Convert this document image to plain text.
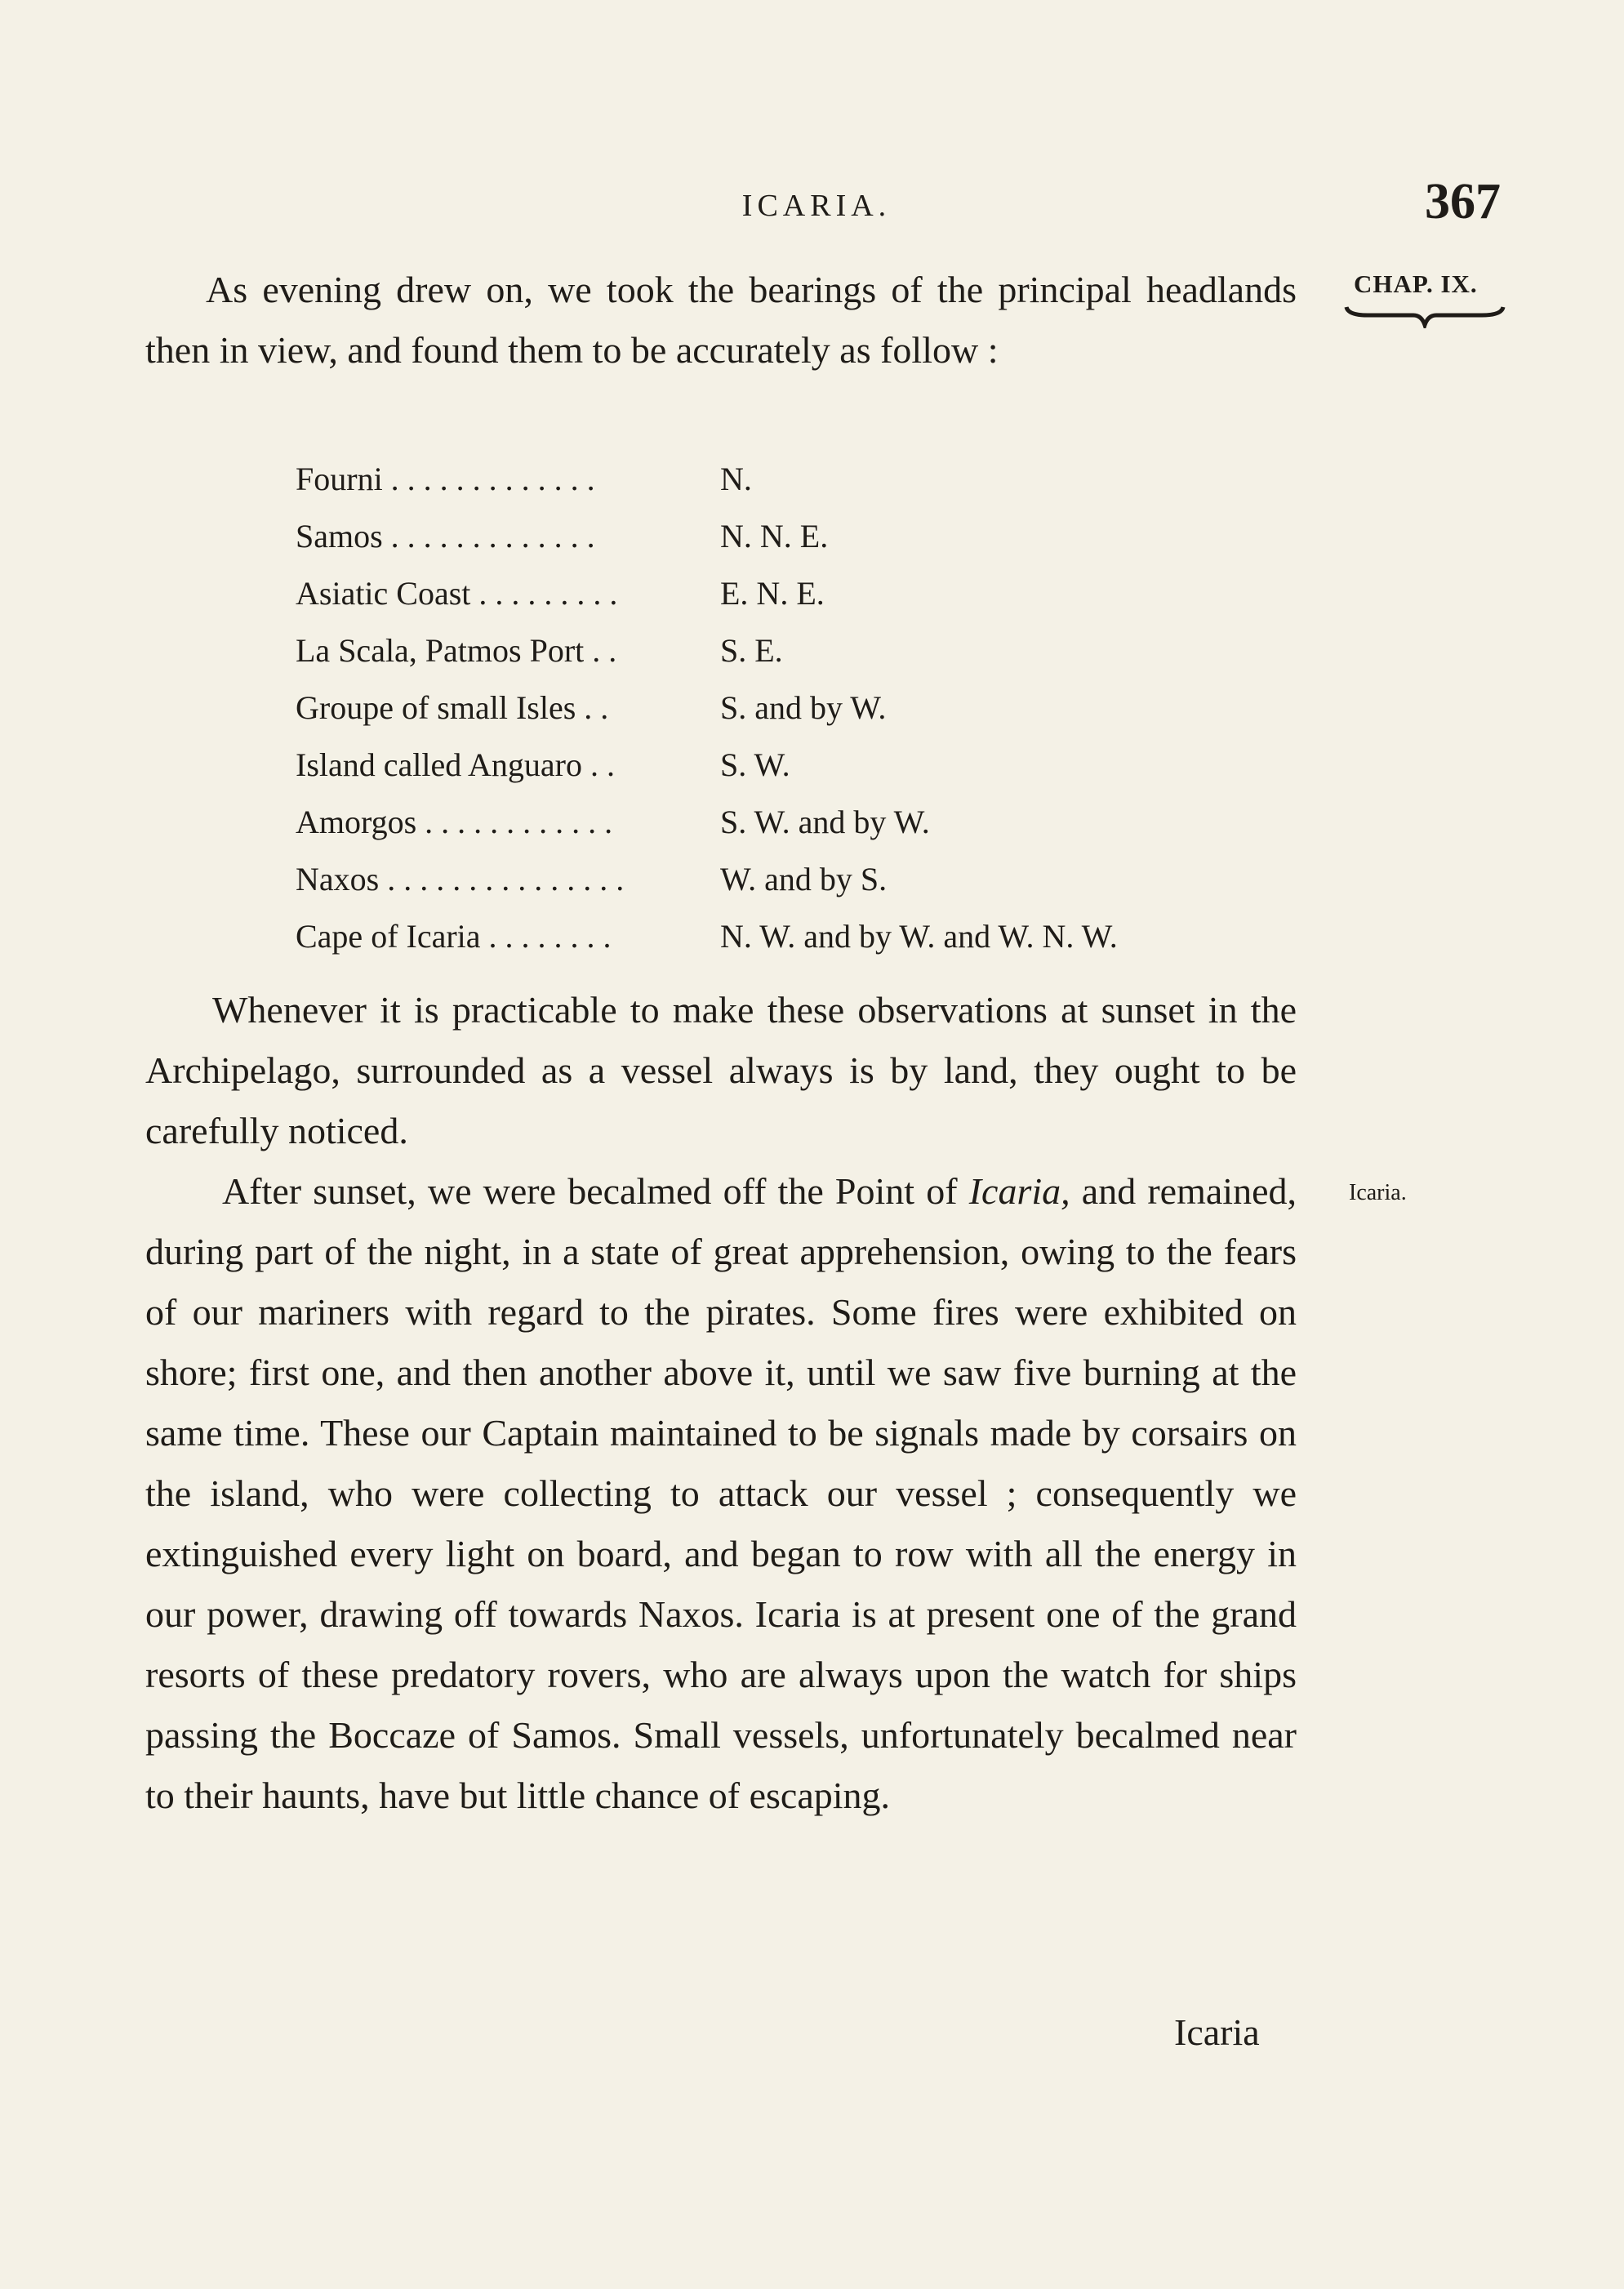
ICARIA.	367
CHAP. IX.
As evening drew on, we took the bearings of the principal headlands then in view, and found them to be accurately as follow :
Fourni . . . . . . . . . . . . .	N.
Samos . . . . . . . . . . . . .	N. N. E.
Asiatic Coast . . . . . . . . .	E. N. E.
La Scala, Patmos Port . .	S. E.
Groupe of small Isles . .	S. and by W.
Island called Anguaro . .	S. W.
Amorgos . . . . . . . . . . . .	S. W. and by W.
Naxos . . . . . . . . . . . . . . .	W. and by S.
Cape of Icaria . . . . . . . .	N. W. and by W. and W. N. W.
Whenever it is practicable to make these observations at sunset in the Archipelago, surrounded as a vessel always is by land, they ought to be carefully noticed.
Icaria.
After sunset, we were becalmed off the Point of Icaria, and remained, during part of the night, in a state of great apprehension, owing to the fears of our mariners with regard to the pirates. Some fires were exhibited on shore; first one, and then another above it, until we saw five burning at the same time. These our Captain maintained to be signals made by corsairs on the island, who were collecting to attack our vessel ; consequently we extinguished every light on board, and began to row with all the energy in our power, drawing off towards Naxos. Icaria is at present one of the grand resorts of these predatory rovers, who are always upon the watch for ships passing the Boccaze of Samos. Small vessels, unfortunately becalmed near to their haunts, have but little chance of escaping.
Icaria
